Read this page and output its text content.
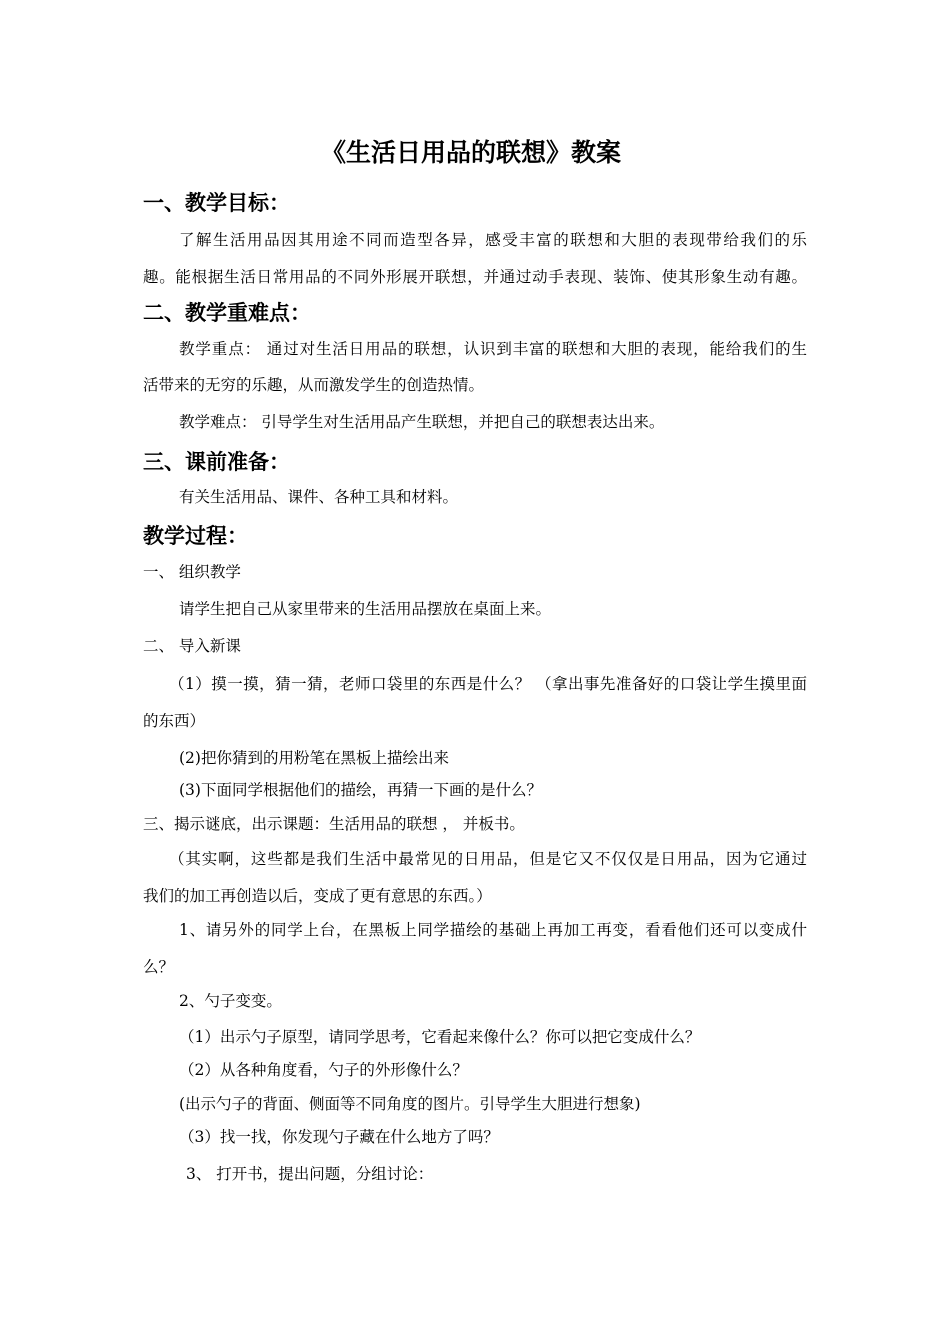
《生活日用品的联想》教案
一、教学目标：
了解生活用品因其用途不同而造型各异，感受丰富的联想和大胆的表现带给我们的乐
趣。能根据生活日常用品的不同外形展开联想，并通过动手表现、装饰、使其形象生动有趣。
二、教学重难点：
教学重点： 通过对生活日用品的联想，认识到丰富的联想和大胆的表现，能给我们的生
活带来的无穷的乐趣，从而激发学生的创造热情。
教学难点： 引导学生对生活用品产生联想，并把自己的联想表达出来。
三、课前准备：
有关生活用品、课件、各种工具和材料。
教学过程：
一、 组织教学
请学生把自己从家里带来的生活用品摆放在桌面上来。
二、 导入新课
（1）摸一摸，猜一猜，老师口袋里的东西是什么？ （拿出事先准备好的口袋让学生摸里面
的东西）
(2)把你猜到的用粉笔在黑板上描绘出来
(3)下面同学根据他们的描绘，再猜一下画的是什么？
三、揭示谜底，出示课题：生活用品的联想 ， 并板书。
（其实啊，这些都是我们生活中最常见的日用品，但是它又不仅仅是日用品，因为它通过
我们的加工再创造以后，变成了更有意思的东西。）
1、请另外的同学上台，在黑板上同学描绘的基础上再加工再变，看看他们还可以变成什
么？
2、勺子变变。
（1）出示勺子原型，请同学思考，它看起来像什么？你可以把它变成什么？
（2）从各种角度看，勺子的外形像什么？
(出示勺子的背面、侧面等不同角度的图片。引导学生大胆进行想象)
（3）找一找，你发现勺子藏在什么地方了吗？
3、 打开书，提出问题，分组讨论：
